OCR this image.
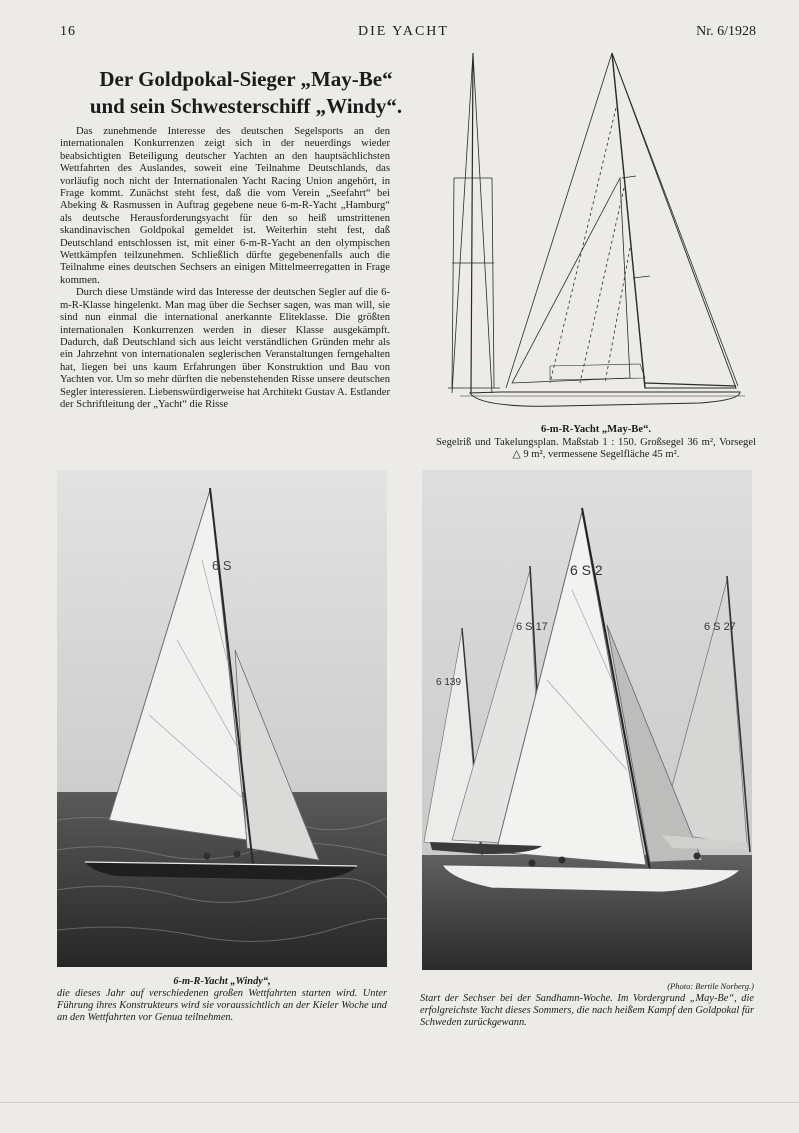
16	DIE YACHT	Nr. 6/1928
Der Goldpokal-Sieger „May-Be“
und sein Schwesterschiff „Windy“.

Das zunehmende Interesse des deutschen Segelsports an den internationalen Konkurrenzen zeigt sich in der neuerdings wieder beabsichtigten Beteiligung deutscher Yachten an den hauptsächlichsten Wettfahrten des Auslandes, soweit eine Teilnahme Deutschlands, das vorläufig noch nicht der Internationalen Yacht Racing Union angehört, in Frage kommt. Zunächst steht fest, daß die vom Verein „Seefahrt“ bei Abeking & Rasmussen in Auftrag gegebene neue 6-m-R-Yacht „Hamburg“ als deutsche Herausforderungsyacht für den so heiß umstrittenen skandinavischen Goldpokal gemeldet ist. Weiterhin steht fest, daß Deutschland entschlossen ist, mit einer 6-m-R-Yacht an den olympischen Wettkämpfen teilzunehmen. Schließlich dürfte gegebenenfalls auch die Teilnahme eines deutschen Sechsers an einigen Mittelmeerregatten in Frage kommen.

Durch diese Umstände wird das Interesse der deutschen Segler auf die 6-m-R-Klasse hingelenkt. Man mag über die Sechser sagen, was man will, sie sind nun einmal die international anerkannte Eliteklasse. Die größten internationalen Konkurrenzen werden in dieser Klasse ausgekämpft. Dadurch, daß Deutschland sich aus leicht verständlichen Gründen mehr als ein Jahrzehnt von internationalen seglerischen Veranstaltungen ferngehalten hat, liegen bei uns kaum Erfahrungen über Konstruktion und Bau von Yachten vor. Um so mehr dürften die nebenstehenden Risse unsere deutschen Segler interessieren. Liebenswürdigerweise hat Architekt Gustav A. Estlander der Schriftleitung der „Yacht“ die Risse

6-m-R-Yacht „May-Be“.
Segelriß und Takelungsplan. Maßstab 1 : 150. Großsegel 36 m², Vorsegel △ 9 m², vermessene Segelfläche 45 m².
6 S	6 S 2
6 S 17	6 S 27
6 139
6-m-R-Yacht „Windy“,
die dieses Jahr auf verschiedenen großen Wettfahrten starten wird. Unter Führung ihres Konstrukteurs wird sie voraussichtlich an der Kieler Woche und an den Wettfahrten vor Genua teilnehmen.
(Photo: Bertile Norberg.)
Start der Sechser bei der Sandhamn-Woche. Im Vordergrund „May-Be“, die erfolgreichste Yacht dieses Sommers, die nach heißem Kampf den Goldpokal für Schweden zurückgewann.
